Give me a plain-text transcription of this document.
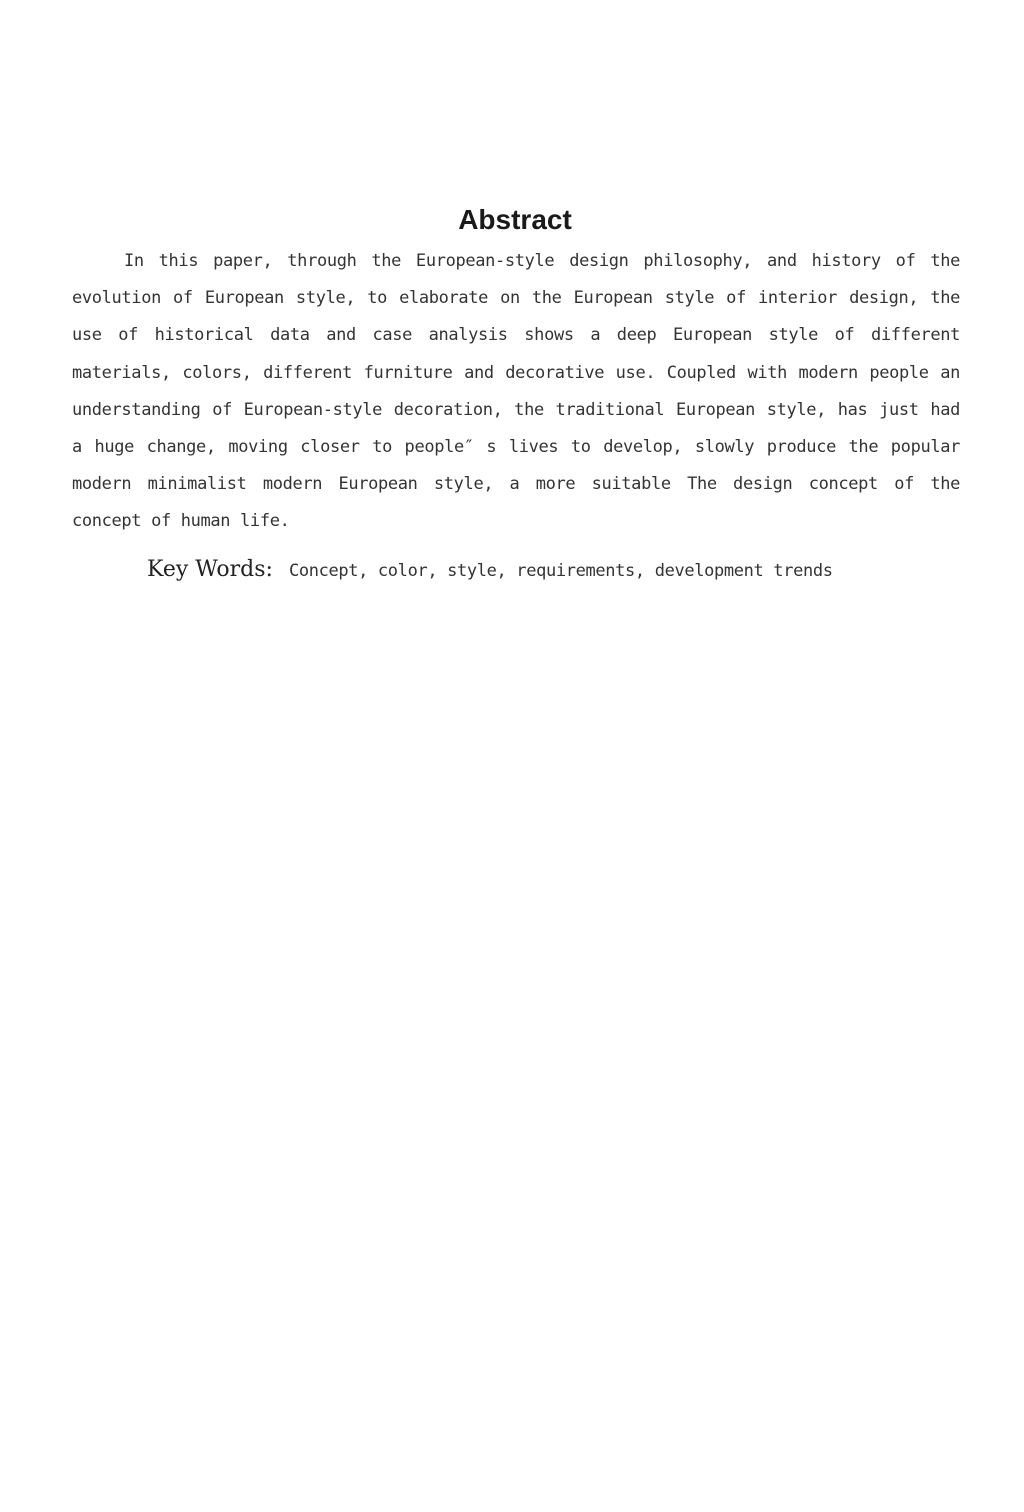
Abstract

In this paper, through the European-style design philosophy, and history of the evolution of European style, to elaborate on the European style of interior design, the use of historical data and case analysis shows a deep European style of different materials, colors, different furniture and decorative use. Coupled with modern people an understanding of European-style decoration, the traditional European style, has just had a huge change, moving closer to people″ s lives to develop, slowly produce the popular modern minimalist modern European style, a more suitable The design concept of the concept of human life.

Key Words: Concept, color, style, requirements, development trends
